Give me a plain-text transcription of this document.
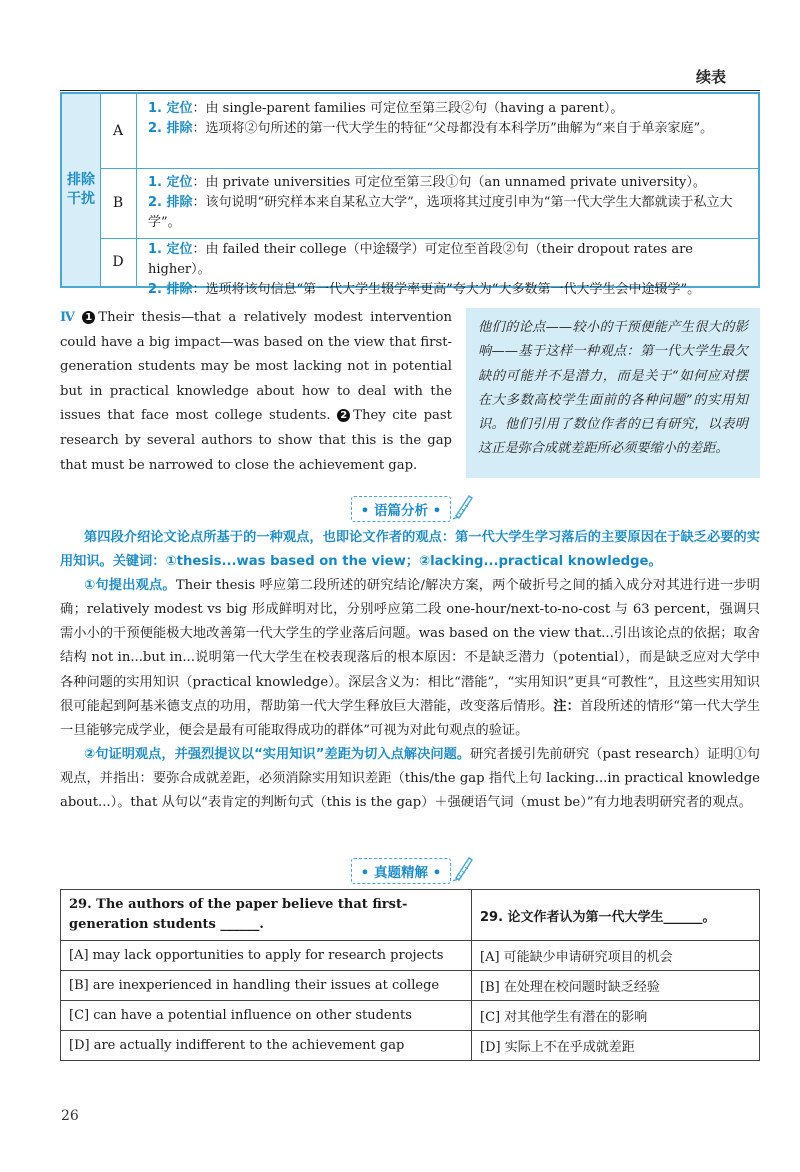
续表
排除干扰
A
1. 定位：由 single-parent families 可定位至第三段②句（having a parent）。
2. 排除：选项将②句所述的第一代大学生的特征“父母都没有本科学历”曲解为“来自于单亲家庭”。
B
1. 定位：由 private universities 可定位至第三段①句（an unnamed private university）。
2. 排除：该句说明“研究样本来自某私立大学”，选项将其过度引申为“第一代大学生大都就读于私立大学”。
D
1. 定位：由 failed their college（中途辍学）可定位至首段②句（their dropout rates are higher）。
2. 排除：选项将该句信息“第一代大学生辍学率更高”夸大为“大多数第一代大学生会中途辍学”。
Ⅳ 1 Their thesis—that a relatively modest intervention could have a big impact—was based on the view that first-generation students may be most lacking not in potential but in practical knowledge about how to deal with the issues that face most college students. 2 They cite past research by several authors to show that this is the gap that must be narrowed to close the achievement gap.
他们的论点——较小的干预便能产生很大的影响——基于这样一种观点：第一代大学生最欠缺的可能并不是潜力，而是关于“如何应对摆在大多数高校学生面前的各种问题”的实用知识。他们引用了数位作者的已有研究，以表明这正是弥合成就差距所必须要缩小的差距。
• 语篇分析 •

第四段介绍论文论点所基于的一种观点，也即论文作者的观点：第一代大学生学习落后的主要原因在于缺乏必要的实用知识。关键词：①thesis...was based on the view；②lacking...practical knowledge。

①句提出观点。Their thesis 呼应第二段所述的研究结论/解决方案，两个破折号之间的插入成分对其进行进一步明确；relatively modest vs big 形成鲜明对比，分别呼应第二段 one-hour/next-to-no-cost 与 63 percent，强调只需小小的干预便能极大地改善第一代大学生的学业落后问题。was based on the view that...引出该论点的依据；取舍结构 not in...but in...说明第一代大学生在校表现落后的根本原因：不是缺乏潜力（potential），而是缺乏应对大学中各种问题的实用知识（practical knowledge）。深层含义为：相比“潜能”，“实用知识”更具“可教性”，且这些实用知识很可能起到阿基米德支点的功用，帮助第一代大学生释放巨大潜能，改变落后情形。注：首段所述的情形“第一代大学生一旦能够完成学业，便会是最有可能取得成功的群体”可视为对此句观点的验证。

②句证明观点，并强烈提议以“实用知识”差距为切入点解决问题。研究者援引先前研究（past research）证明①句观点，并指出：要弥合成就差距，必须消除实用知识差距（this/the gap 指代上句 lacking...in practical knowledge about...）。that 从句以“表肯定的判断句式（this is the gap）＋强硬语气词（must be）”有力地表明研究者的观点。

• 真题精解 •
29. The authors of the paper believe that first-generation students ______.	29. 论文作者认为第一代大学生______。
[A] may lack opportunities to apply for research projects	[A] 可能缺少申请研究项目的机会
[B] are inexperienced in handling their issues at college	[B] 在处理在校问题时缺乏经验
[C] can have a potential influence on other students	[C] 对其他学生有潜在的影响
[D] are actually indifferent to the achievement gap	[D] 实际上不在乎成就差距
26
